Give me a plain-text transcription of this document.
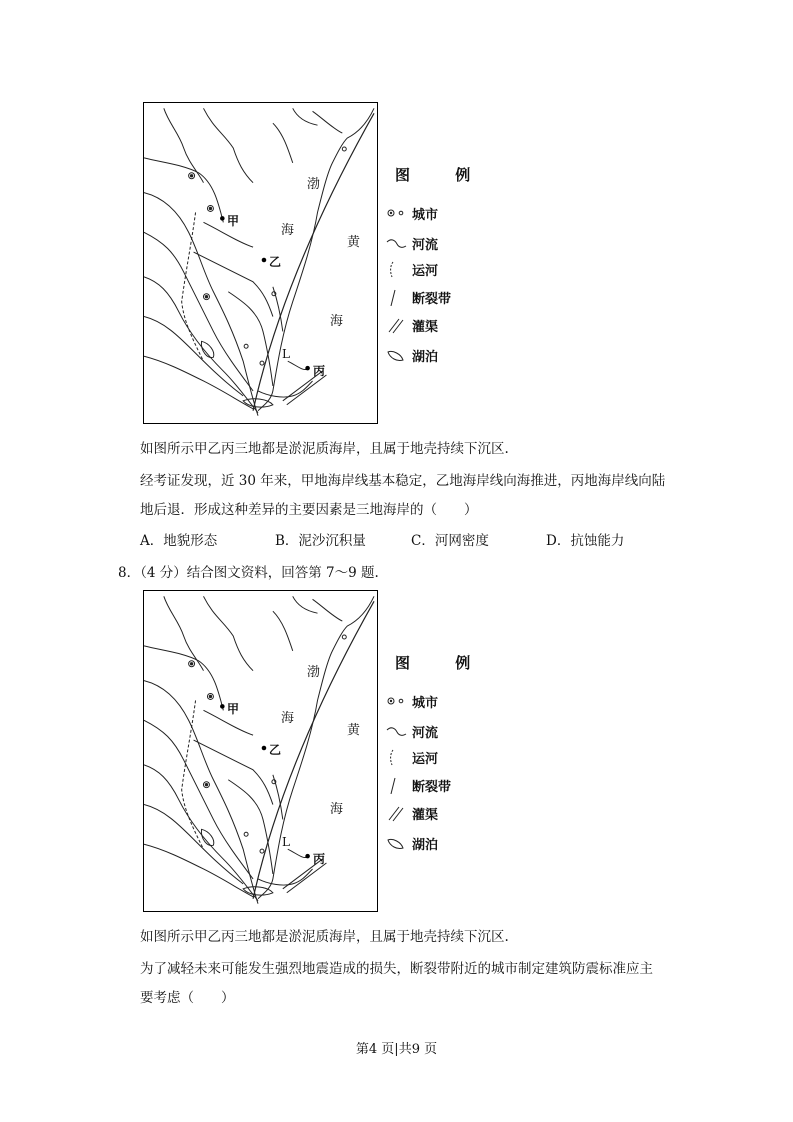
渤
海
黄
海
甲
乙
丙
L
图 例
城市
河流
运河
断裂带
灌渠
湖泊
如图所示甲乙丙三地都是淤泥质海岸，且属于地壳持续下沉区.
经考证发现，近 30 年来，甲地海岸线基本稳定，乙地海岸线向海推进，丙地海岸线向陆
地后退．形成这种差异的主要因素是三地海岸的（　　）
A．地貌形态	B．泥沙沉积量	C．河网密度	D．抗蚀能力
8．（4 分）结合图文资料，回答第 7～9 题.
渤
海
黄
海
甲
乙
丙
L
图 例
城市
河流
运河
断裂带
灌渠
湖泊
如图所示甲乙丙三地都是淤泥质海岸，且属于地壳持续下沉区.
为了减轻未来可能发生强烈地震造成的损失，断裂带附近的城市制定建筑防震标准应主
要考虑（　　）
第4 页|共9 页
